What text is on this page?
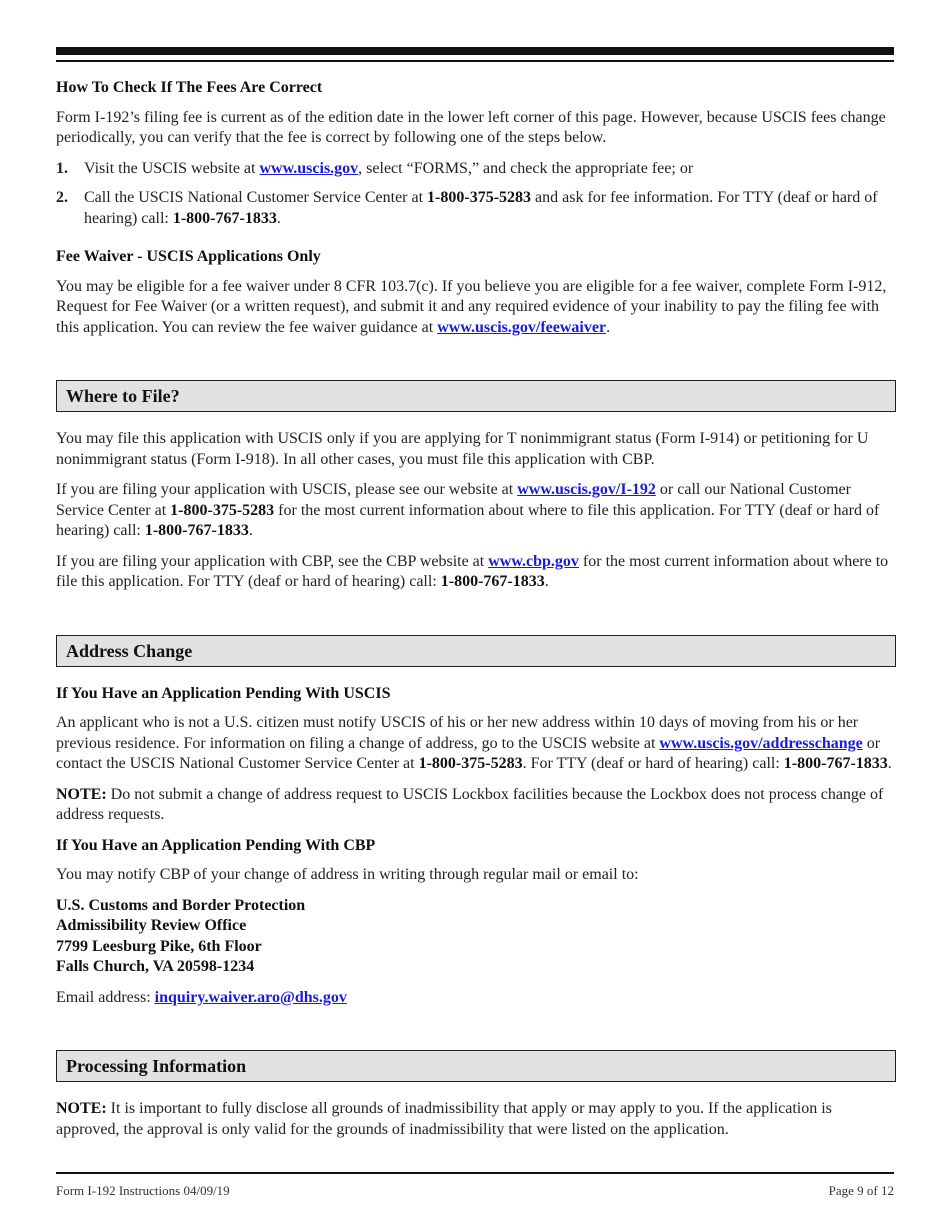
How To Check If The Fees Are Correct

Form I-192’s filing fee is current as of the edition date in the lower left corner of this page. However, because USCIS fees change periodically, you can verify that the fee is correct by following one of the steps below.

1.	Visit the USCIS website at www.uscis.gov, select “FORMS,” and check the appropriate fee; or
2.	Call the USCIS National Customer Service Center at 1-800-375-5283 and ask for fee information. For TTY (deaf or hard of hearing) call: 1-800-767-1833.
Fee Waiver - USCIS Applications Only

You may be eligible for a fee waiver under 8 CFR 103.7(c). If you believe you are eligible for a fee waiver, complete Form I-912, Request for Fee Waiver (or a written request), and submit it and any required evidence of your inability to pay the filing fee with this application. You can review the fee waiver guidance at www.uscis.gov/feewaiver.

Where to File?

You may file this application with USCIS only if you are applying for T nonimmigrant status (Form I-914) or petitioning for U nonimmigrant status (Form I-918). In all other cases, you must file this application with CBP.

If you are filing your application with USCIS, please see our website at www.uscis.gov/I-192 or call our National Customer Service Center at 1-800-375-5283 for the most current information about where to file this application. For TTY (deaf or hard of hearing) call: 1-800-767-1833.

If you are filing your application with CBP, see the CBP website at www.cbp.gov for the most current information about where to file this application. For TTY (deaf or hard of hearing) call: 1-800-767-1833.

Address Change
If You Have an Application Pending With USCIS

An applicant who is not a U.S. citizen must notify USCIS of his or her new address within 10 days of moving from his or her previous residence. For information on filing a change of address, go to the USCIS website at www.uscis.gov/addresschange or contact the USCIS National Customer Service Center at 1-800-375-5283. For TTY (deaf or hard of hearing) call: 1-800-767-1833.

NOTE: Do not submit a change of address request to USCIS Lockbox facilities because the Lockbox does not process change of address requests.

If You Have an Application Pending With CBP

You may notify CBP of your change of address in writing through regular mail or email to:

U.S. Customs and Border Protection
Admissibility Review Office
7799 Leesburg Pike, 6th Floor
Falls Church, VA 20598-1234

Email address: inquiry.waiver.aro@dhs.gov

Processing Information

NOTE: It is important to fully disclose all grounds of inadmissibility that apply or may apply to you. If the application is approved, the approval is only valid for the grounds of inadmissibility that were listed on the application.

Form I-192 Instructions 04/09/19	Page 9 of 12
